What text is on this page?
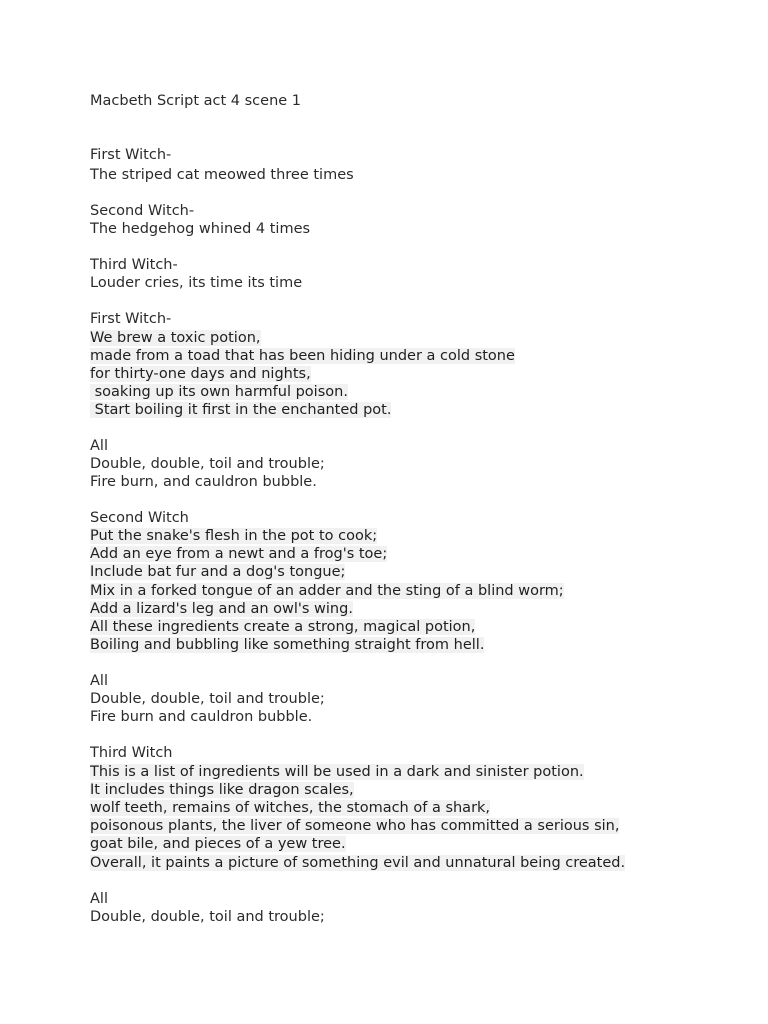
Macbeth Script act 4 scene 1
First Witch-
The striped cat meowed three times
Second Witch-
The hedgehog whined 4 times
Third Witch-
Louder cries, its time its time
First Witch-
We brew a toxic potion,
made from a toad that has been hiding under a cold stone
for thirty-one days and nights,
soaking up its own harmful poison.
Start boiling it first in the enchanted pot.
All
Double, double, toil and trouble;
Fire burn, and cauldron bubble.
Second Witch
Put the snake's flesh in the pot to cook;
Add an eye from a newt and a frog's toe;
Include bat fur and a dog's tongue;
Mix in a forked tongue of an adder and the sting of a blind worm;
Add a lizard's leg and an owl's wing.
All these ingredients create a strong, magical potion,
Boiling and bubbling like something straight from hell.
All
Double, double, toil and trouble;
Fire burn and cauldron bubble.
Third Witch
This is a list of ingredients will be used in a dark and sinister potion.
It includes things like dragon scales,
wolf teeth, remains of witches, the stomach of a shark,
poisonous plants, the liver of someone who has committed a serious sin,
goat bile, and pieces of a yew tree.
Overall, it paints a picture of something evil and unnatural being created.
All
Double, double, toil and trouble;
